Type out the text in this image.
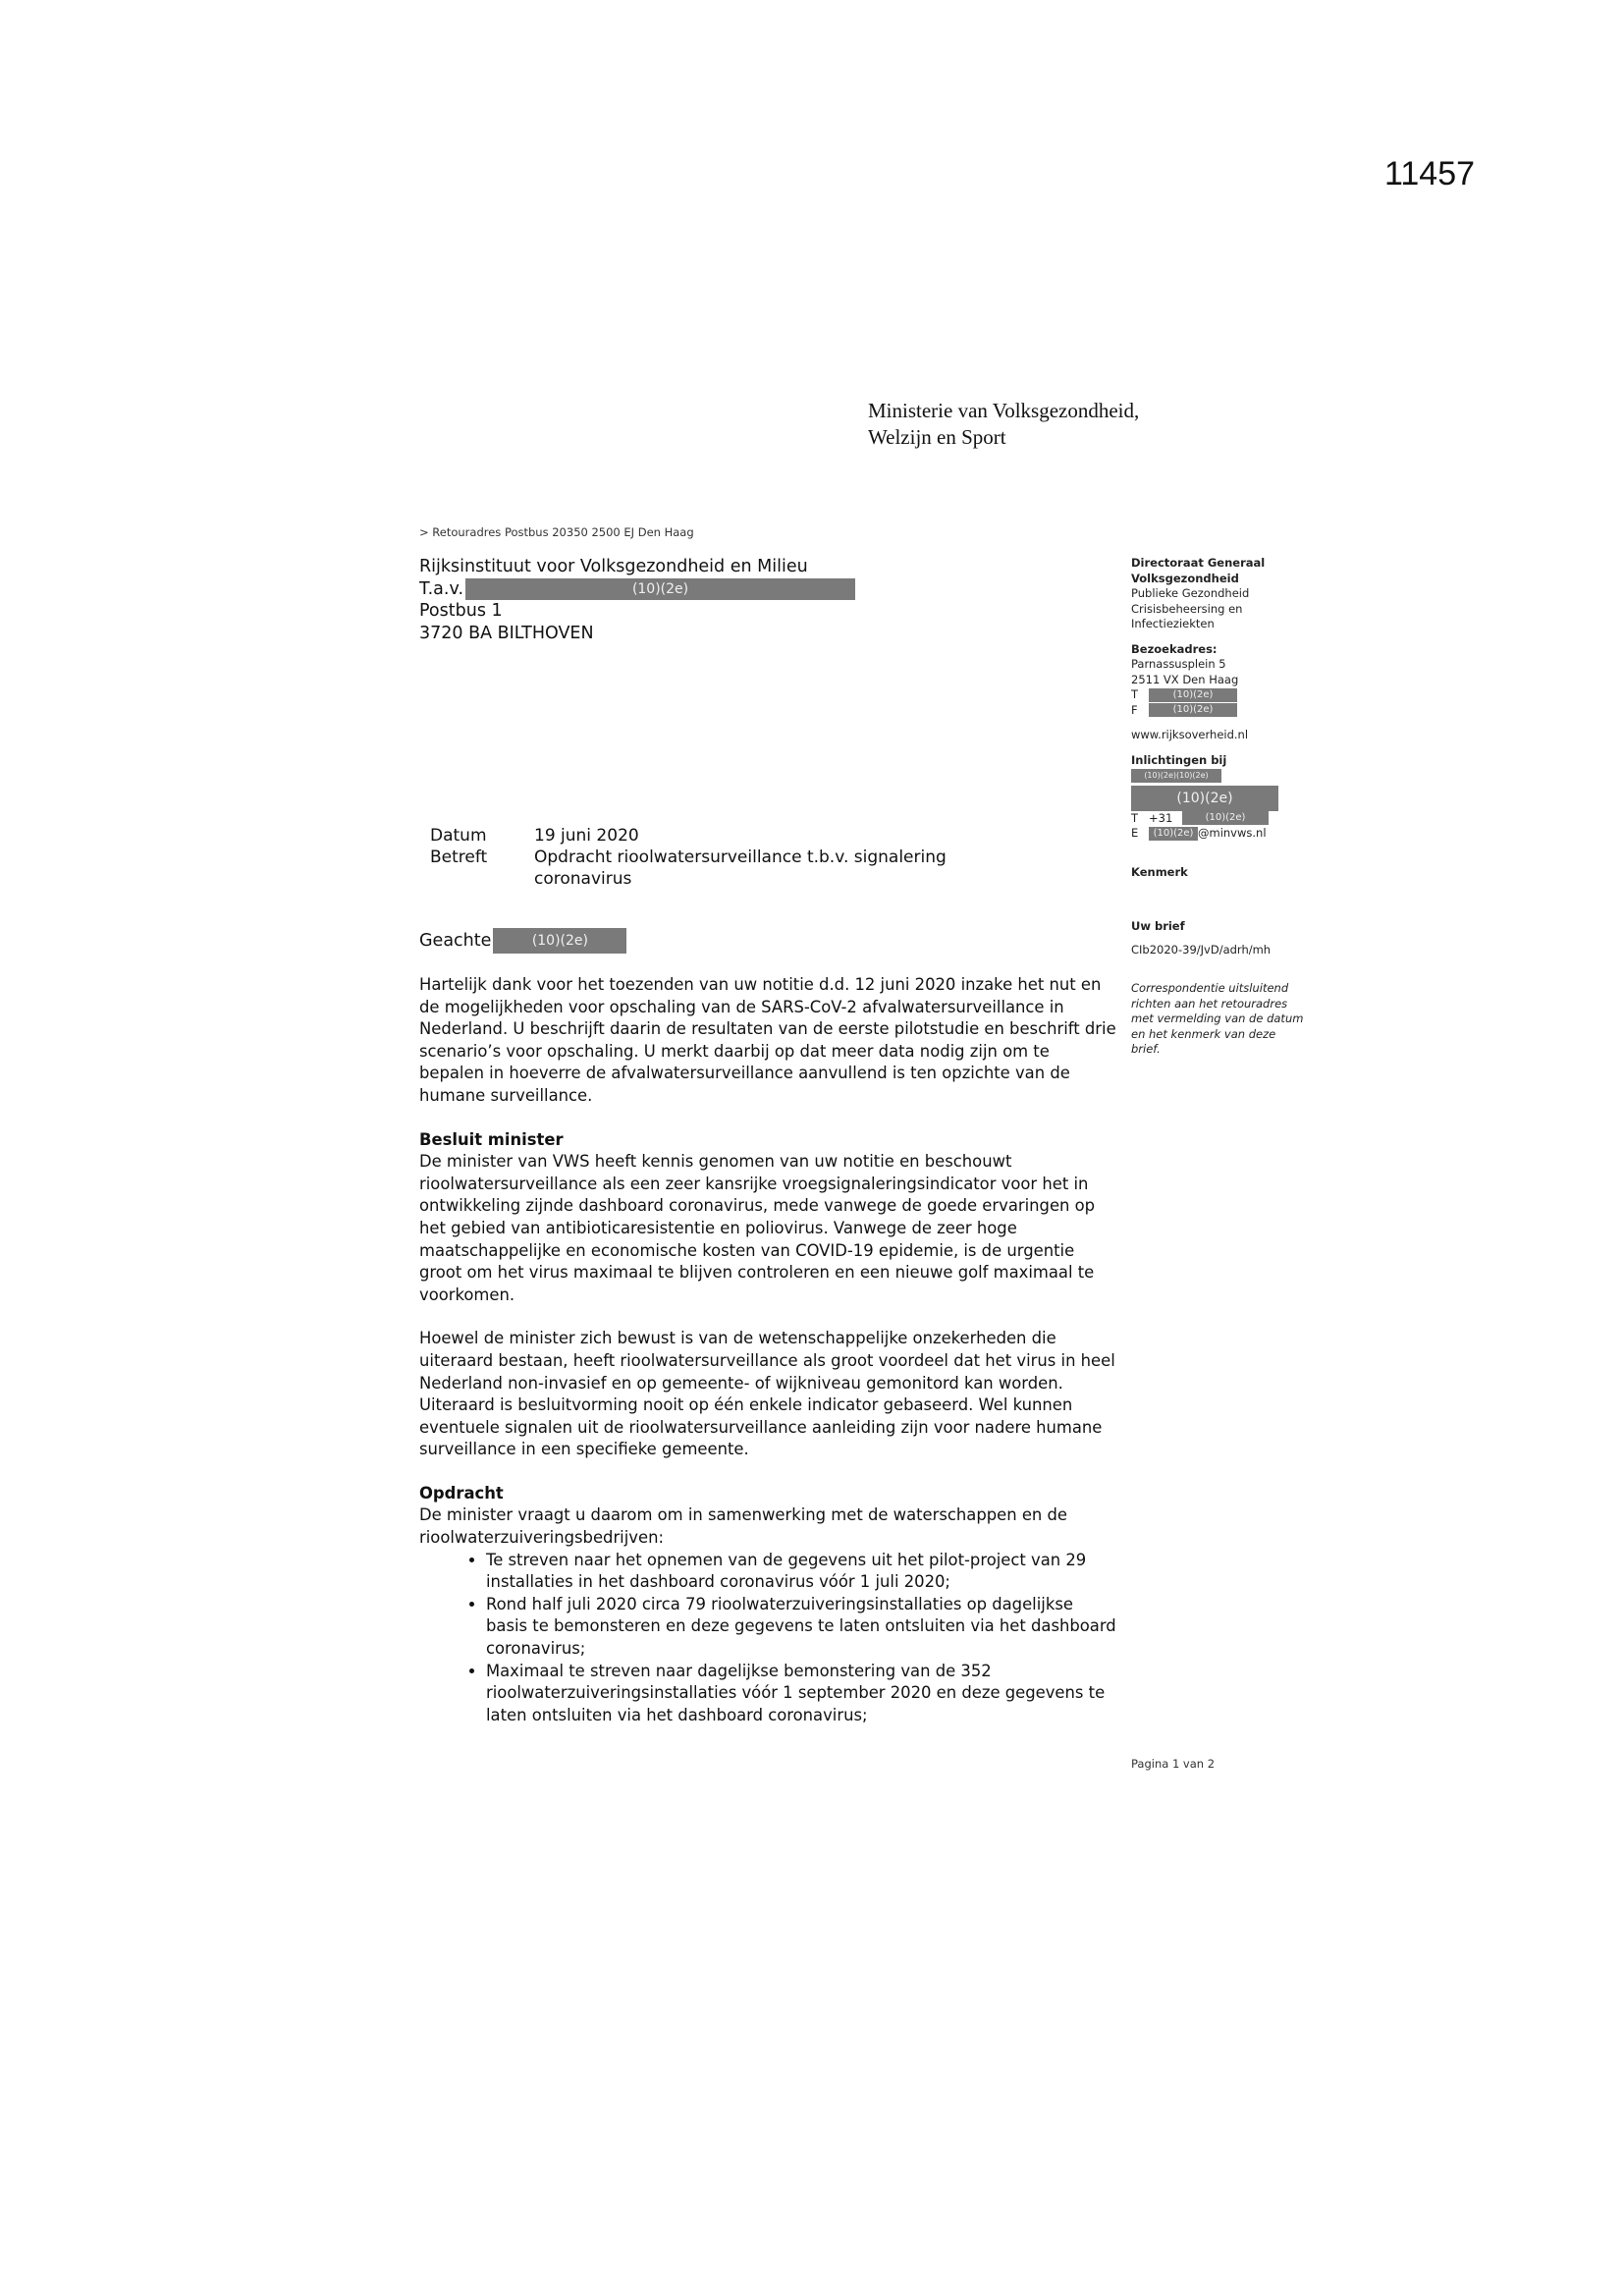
11457
Ministerie van Volksgezondheid,
Welzijn en Sport
> Retouradres Postbus 20350 2500 EJ Den Haag
Rijksinstituut voor Volksgezondheid en Milieu
T.a.v.	(10)(2e)
Postbus 1
3720 BA BILTHOVEN
Datum	19 juni 2020
Betreft	Opdracht rioolwatersurveillance t.b.v. signalering
coronavirus
Geachte	(10)(2e)

Hartelijk dank voor het toezenden van uw notitie d.d. 12 juni 2020 inzake het nut en de mogelijkheden voor opschaling van de SARS-CoV-2 afvalwatersurveillance in Nederland. U beschrijft daarin de resultaten van de eerste pilotstudie en beschrift drie scenario’s voor opschaling. U merkt daarbij op dat meer data nodig zijn om te bepalen in hoeverre de afvalwatersurveillance aanvullend is ten opzichte van de humane surveillance.

Besluit minister

De minister van VWS heeft kennis genomen van uw notitie en beschouwt rioolwatersurveillance als een zeer kansrijke vroegsignaleringsindicator voor het in ontwikkeling zijnde dashboard coronavirus, mede vanwege de goede ervaringen op het gebied van antibioticaresistentie en poliovirus. Vanwege de zeer hoge maatschappelijke en economische kosten van COVID-19 epidemie, is de urgentie groot om het virus maximaal te blijven controleren en een nieuwe golf maximaal te voorkomen.

Hoewel de minister zich bewust is van de wetenschappelijke onzekerheden die uiteraard bestaan, heeft rioolwatersurveillance als groot voordeel dat het virus in heel Nederland non-invasief en op gemeente- of wijkniveau gemonitord kan worden. Uiteraard is besluitvorming nooit op één enkele indicator gebaseerd. Wel kunnen eventuele signalen uit de rioolwatersurveillance aanleiding zijn voor nadere humane surveillance in een specifieke gemeente.

Opdracht
De minister vraagt u daarom om in samenwerking met de waterschappen en de rioolwaterzuiveringsbedrijven:
• Te streven naar het opnemen van de gegevens uit het pilot-project van 29 installaties in het dashboard coronavirus vóór 1 juli 2020;
• Rond half juli 2020 circa 79 rioolwaterzuiveringsinstallaties op dagelijkse basis te bemonsteren en deze gegevens te laten ontsluiten via het dashboard coronavirus;
• Maximaal te streven naar dagelijkse bemonstering van de 352 rioolwaterzuiveringsinstallaties vóór 1 september 2020 en deze gegevens te laten ontsluiten via het dashboard coronavirus;
Directoraat Generaal
Volksgezondheid
Publieke Gezondheid
Crisisbeheersing en
Infectieziekten
Bezoekadres:
Parnassusplein 5
2511 VX Den Haag
T	(10)(2e)
F	(10)(2e)
www.rijksoverheid.nl
Inlichtingen bij
(10)(2e)(10)(2e)
(10)(2e)
T +31	(10)(2e)
E (10)(2e) @minvws.nl
Kenmerk
Uw brief
CIb2020-39/JvD/adrh/mh
Correspondentie uitsluitend
richten aan het retouradres
met vermelding van de datum
en het kenmerk van deze
brief.
Pagina 1 van 2
